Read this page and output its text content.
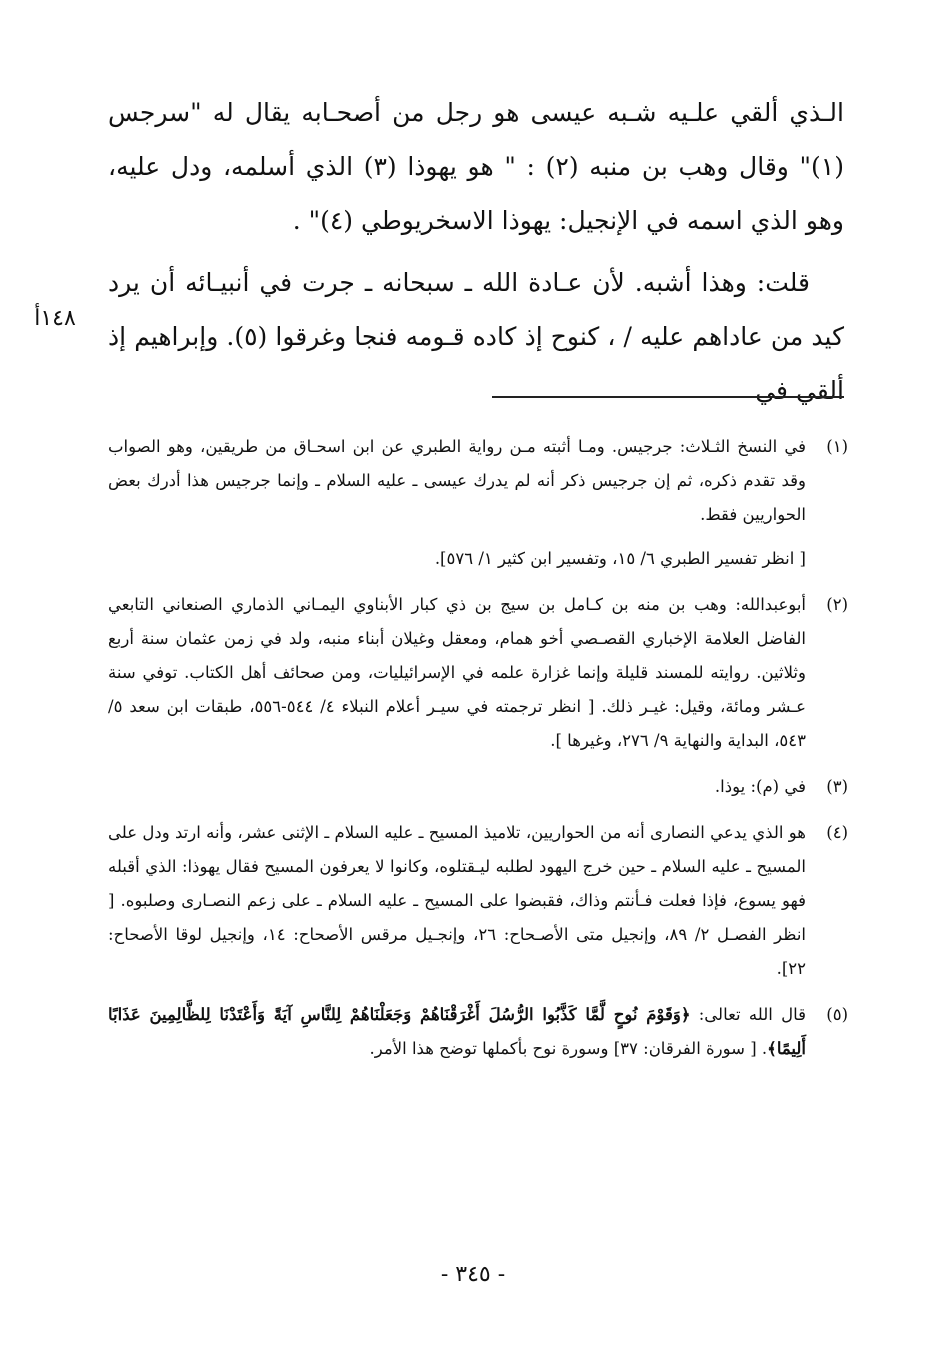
الـذي ألقي علـيه شـبه عيسى هو رجل من أصحـابه يقال له "سرجس (١)" وقال وهب بن منبه (٢) : " هو يهوذا (٣) الذي أسلمه، ودل عليه، وهو الذي اسمه في الإنجيل: يهوذا الاسخريوطي (٤)" .

قلت: وهذا أشبه. لأن عـادة الله ـ سبحانه ـ جرت في أنبيـائه أن يرد كيد من عاداهم عليه / ، كنوح إذ كاده قـومه فنجا وغرقوا (٥). وإبراهيم إذ ألقي في

١٤٨أ
(١)

في النسخ الثـلاث: جرجيس. ومـا أثبته مـن رواية الطبري عن ابن اسحـاق من طريقين، وهو الصواب وقد تقدم ذكره، ثم إن جرجيس ذكر أنه لم يدرك عيسى ـ عليه السلام ـ وإنما جرجيس هذا أدرك بعض الحواريين فقط.

[ انظر تفسير الطبري ٦/ ١٥، وتفسير ابن كثير ١/ ٥٧٦].

(٢)

أبوعبدالله: وهب بن منه بن كـامل بن سيج بن ذي كبار الأبناوي اليمـاني الذماري الصنعاني التابعي الفاضل العلامة الإخباري القصـصي أخو همام، ومعقل وغيلان أبناء منبه، ولد في زمن عثمان سنة أربع وثلاثين. روايته للمسند قليلة وإنما غزارة علمه في الإسرائيليات، ومن صحائف أهل الكتاب. توفي سنة عـشر ومائة، وقيل: غيـر ذلك. [ انظر ترجمته في سيـر أعلام النبلاء ٤/ ٥٤٤-٥٥٦، طبقات ابن سعد ٥/ ٥٤٣، البداية والنهاية ٩/ ٢٧٦، وغيرها ].

(٣)

في (م): يوذا.

(٤)

هو الذي يدعي النصارى أنه من الحواريين، تلاميذ المسيح ـ عليه السلام ـ الإثنى عشر، وأنه ارتد ودل على المسيح ـ عليه السلام ـ حين خرج اليهود لطلبه ليـقتلوه، وكانوا لا يعرفون المسيح فقال يهوذا: الذي أقبله فهو يسوع، فإذا فعلت فـأنتم وذاك، فقبضوا على المسيح ـ عليه السلام ـ على زعم النصـارى وصلبوه. [ انظر الفصـل ٢/ ٨٩، وإنجيل متى الأصـحاح: ٢٦، وإنجـيل مرقس الأصحاح: ١٤، وإنجيل لوقا الأصحاح: ٢٢].

(٥)

قال الله تعالى: ﴿وَقَوْمَ نُوحٍ لَّمَّا كَذَّبُوا الرُّسُلَ أَغْرَقْنَاهُمْ وَجَعَلْنَاهُمْ لِلنَّاسِ آيَةً وَأَعْتَدْنَا لِلظَّالِمِينَ عَذَابًا أَلِيمًا﴾. [ سورة الفرقان: ٣٧] وسورة نوح بأكملها توضح هذا الأمر.

- ٣٤٥ -
